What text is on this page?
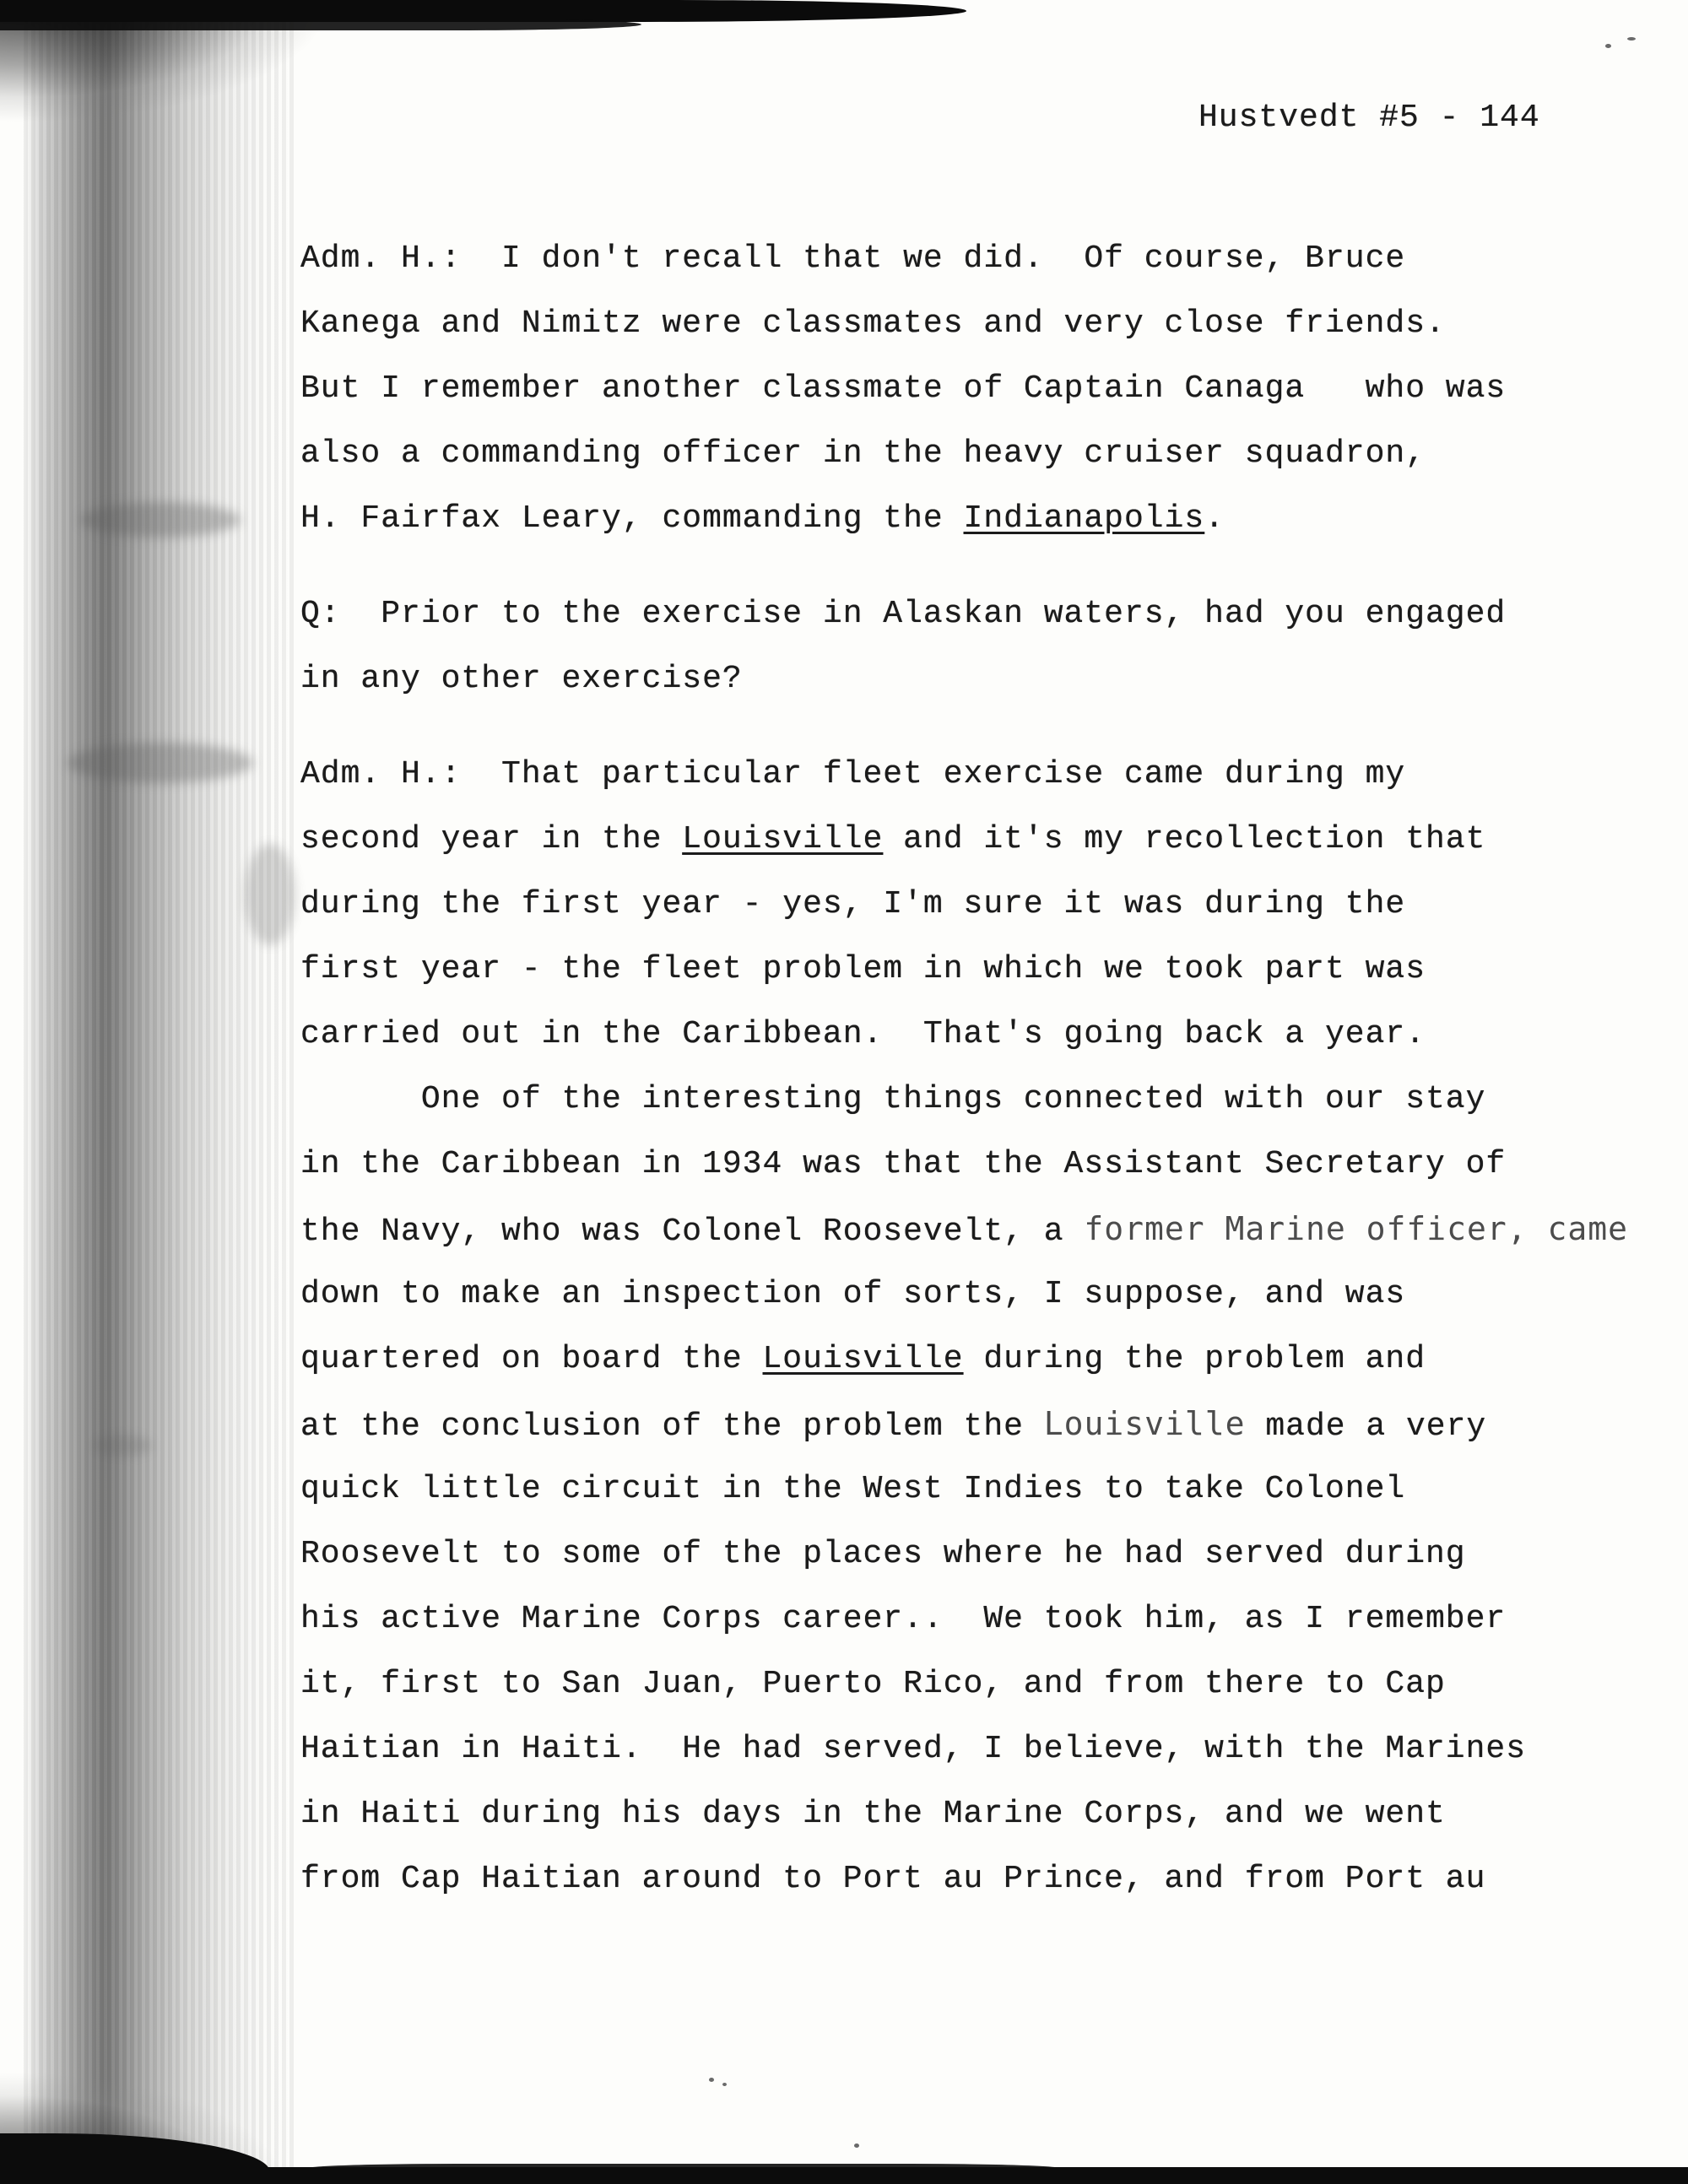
Hustvedt #5 - 144
Adm. H.:  I don't recall that we did.  Of course, Bruce
Kanega and Nimitz were classmates and very close friends.
But I remember another classmate of Captain Canaga   who was
also a commanding officer in the heavy cruiser squadron,
H. Fairfax Leary, commanding the Indianapolis.
Q:  Prior to the exercise in Alaskan waters, had you engaged
in any other exercise?
Adm. H.:  That particular fleet exercise came during my
second year in the Louisville and it's my recollection that
during the first year - yes, I'm sure it was during the
first year - the fleet problem in which we took part was
carried out in the Caribbean.  That's going back a year.
One of the interesting things connected with our stay
in the Caribbean in 1934 was that the Assistant Secretary of
the Navy, who was Colonel Roosevelt, a former Marine officer, came
down to make an inspection of sorts, I suppose, and was
quartered on board the Louisville during the problem and
at the conclusion of the problem the Louisville made a very
quick little circuit in the West Indies to take Colonel
Roosevelt to some of the places where he had served during
his active Marine Corps career..  We took him, as I remember
it, first to San Juan, Puerto Rico, and from there to Cap
Haitian in Haiti.  He had served, I believe, with the Marines
in Haiti during his days in the Marine Corps, and we went
from Cap Haitian around to Port au Prince, and from Port au
